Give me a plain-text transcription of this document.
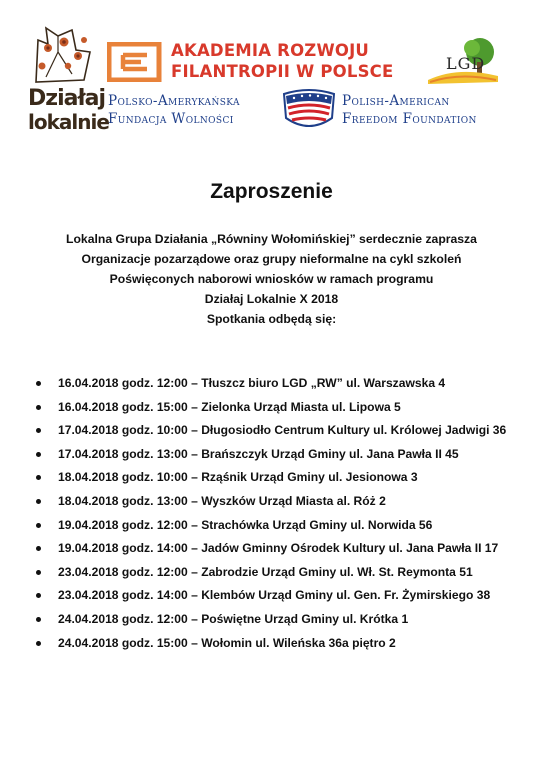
Działaj
lokalnie
AKADEMIA ROZWOJU
FILANTROPII W POLSCE	LGD
Polsko-Amerykańska
Fundacja Wolności
Polish-American
Freedom Foundation
Zaproszenie
Lokalna Grupa Działania „Równiny Wołomińskiej” serdecznie zaprasza
Organizacje pozarządowe oraz grupy nieformalne na cykl szkoleń
Poświęconych naborowi wniosków w ramach programu
Działaj Lokalnie X 2018
Spotkania odbędą się:
16.04.2018 godz. 12:00 – Tłuszcz biuro LGD „RW” ul. Warszawska 4
16.04.2018 godz. 15:00 – Zielonka Urząd Miasta ul. Lipowa 5
17.04.2018 godz. 10:00 – Długosiodło Centrum Kultury ul. Królowej Jadwigi 36
17.04.2018 godz. 13:00 – Brańszczyk Urząd Gminy ul. Jana Pawła II 45
18.04.2018 godz. 10:00 – Rząśnik Urząd Gminy ul. Jesionowa 3
18.04.2018 godz. 13:00 – Wyszków Urząd Miasta al. Róż 2
19.04.2018 godz. 12:00 – Strachówka Urząd Gminy ul. Norwida 56
19.04.2018 godz. 14:00 – Jadów Gminny Ośrodek Kultury ul. Jana Pawła II 17
23.04.2018 godz. 12:00 – Zabrodzie Urząd Gminy ul. Wł. St. Reymonta 51
23.04.2018 godz. 14:00 – Klembów Urząd Gminy ul. Gen. Fr. Żymirskiego 38
24.04.2018 godz. 12:00 – Poświętne Urząd Gminy ul. Krótka 1
24.04.2018 godz. 15:00 – Wołomin ul. Wileńska 36a piętro 2
